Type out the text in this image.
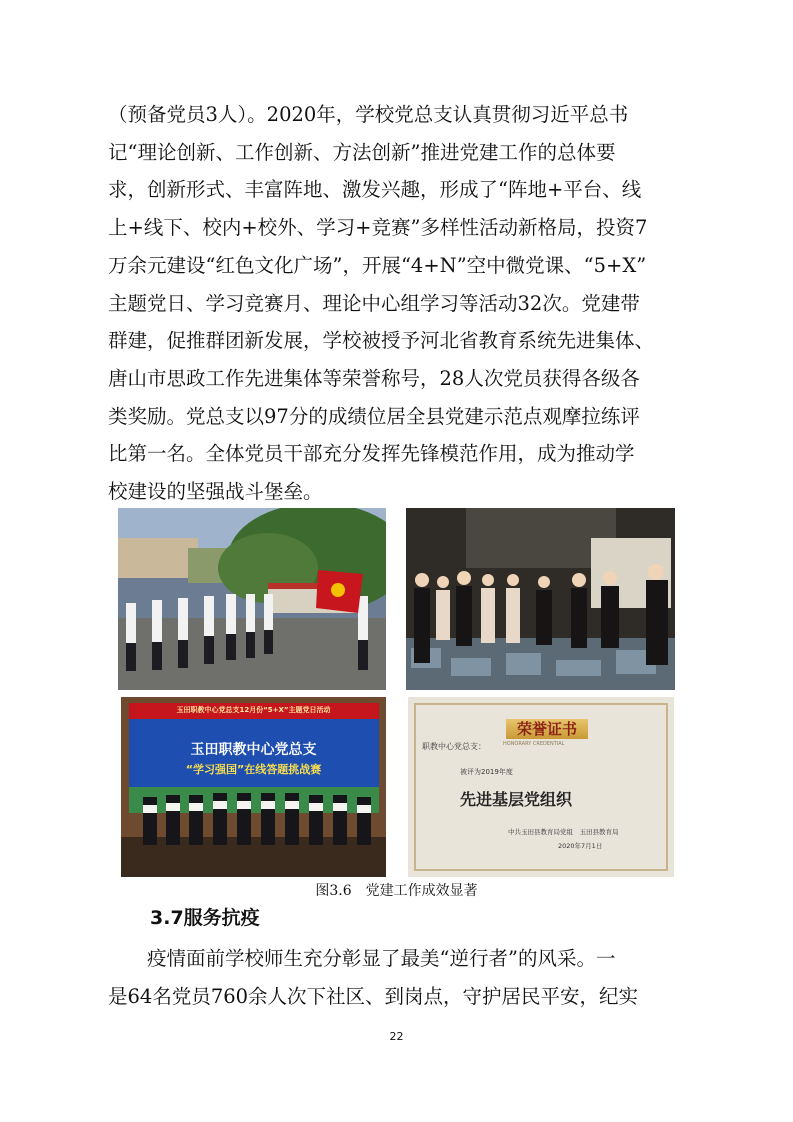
（预备党员3人）。2020年，学校党总支认真贯彻习近平总书
记“理论创新、工作创新、方法创新”推进党建工作的总体要
求，创新形式、丰富阵地、激发兴趣，形成了“阵地+平台、线
上+线下、校内+校外、学习+竞赛”多样性活动新格局，投资7
万余元建设“红色文化广场”，开展“4+N”空中微党课、“5+X”
主题党日、学习竞赛月、理论中心组学习等活动32次。党建带
群建，促推群团新发展，学校被授予河北省教育系统先进集体、
唐山市思政工作先进集体等荣誉称号，28人次党员获得各级各
类奖励。党总支以97分的成绩位居全县党建示范点观摩拉练评
比第一名。全体党员干部充分发挥先锋模范作用，成为推动学
校建设的坚强战斗堡垒。
玉田职教中心党总支12月份“5+X”主题党日活动
玉田职教中心党总支
“学习强国”在线答题挑战赛
荣誉证书
HONORARY CREDENTIAL
职教中心党总支：
被评为2019年度
先进基层党组织
中共玉田县教育局党组　玉田县教育局
2020年7月1日
图3.6　党建工作成效显著
3.7服务抗疫
疫情面前学校师生充分彰显了最美“逆行者”的风采。一
是64名党员760余人次下社区、到岗点，守护居民平安，纪实
22
